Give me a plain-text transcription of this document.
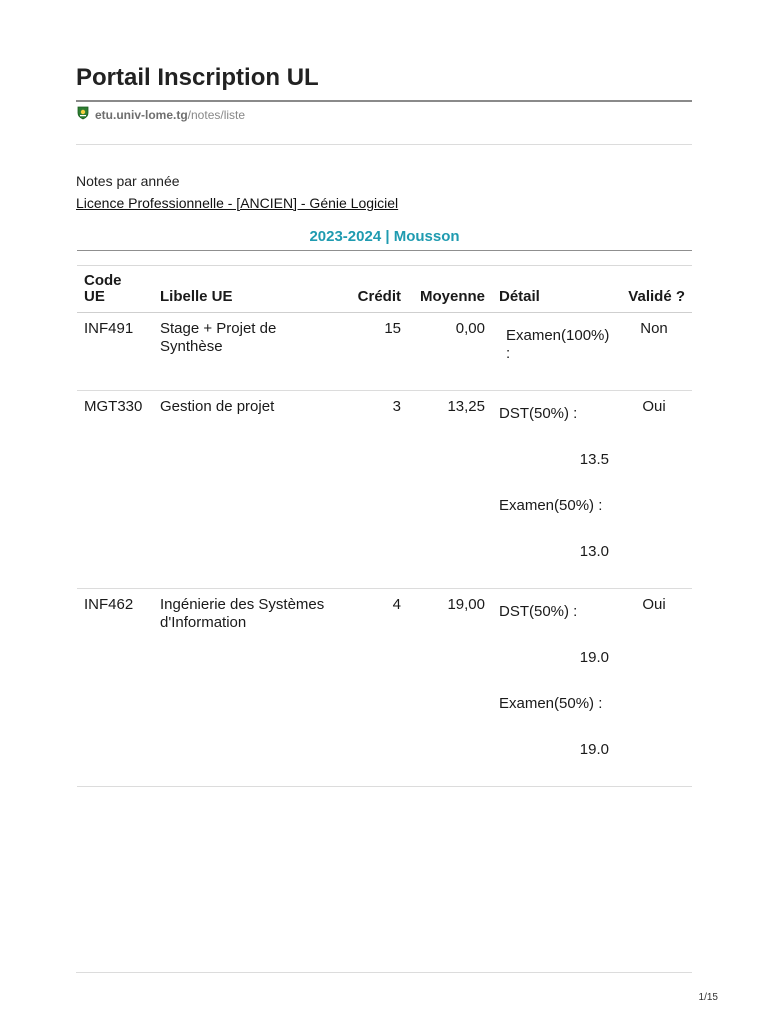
Portail Inscription UL
etu.univ-lome.tg/notes/liste
Notes par année
Licence Professionnelle - [ANCIEN] - Génie Logiciel
2023-2024 | Mousson
Code UE	Libelle UE	Crédit	Moyenne	Détail	Validé ?
INF491	Stage + Projet de Synthèse	15	0,00	Examen(100%) :	Non
MGT330	Gestion de projet	3	13,25	DST(50%) :
13.5
Examen(50%) :
13.0	Oui
INF462	Ingénierie des Systèmes d'Information	4	19,00	DST(50%) :
19.0
Examen(50%) :
19.0	Oui
1/15
